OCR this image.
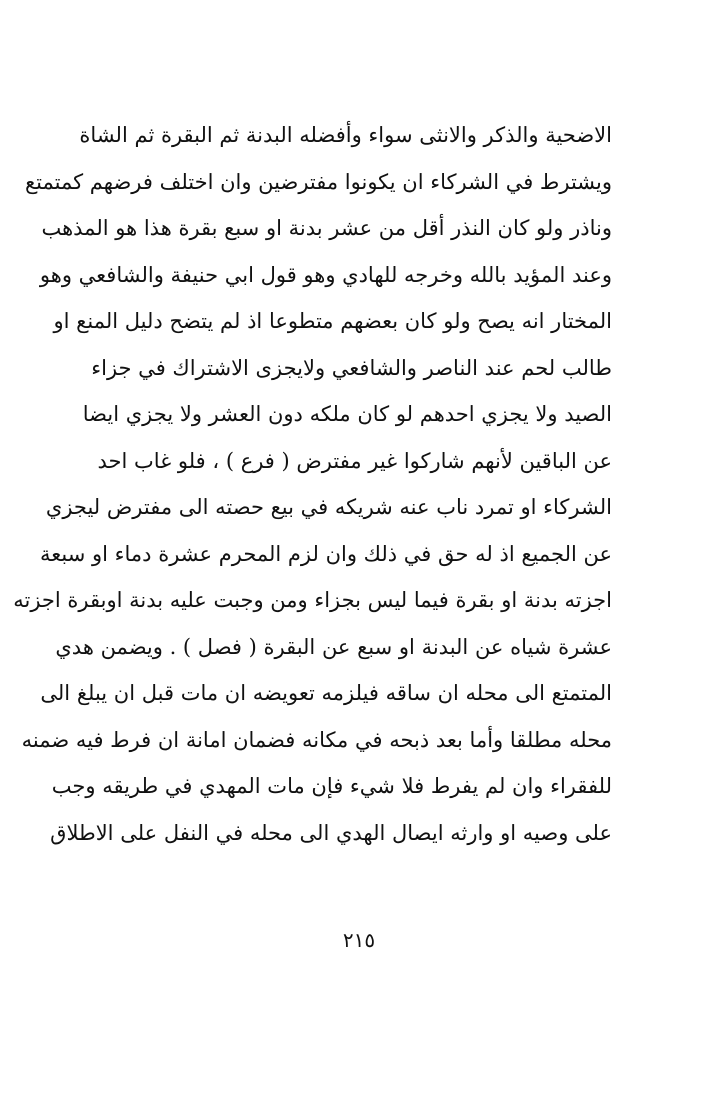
الاضحية والذكر والانثى سواء وأفضله البدنة ثم البقرة ثم الشاة
ويشترط في الشركاء ان يكونوا مفترضين وان اختلف فرضهم كمتمتع
وناذر ولو كان النذر أقل من عشر بدنة او سبع بقرة هذا هو المذهب
وعند المؤيد بالله وخرجه للهادي وهو قول ابي حنيفة والشافعي وهو
المختار انه يصح ولو كان بعضهم متطوعا اذ لم يتضح دليل المنع او
طالب لحم عند الناصر والشافعي ولايجزى الاشتراك في جزاء
الصيد ولا يجزي احدهم لو كان ملكه دون العشر ولا يجزي ايضا
عن الباقين لأنهم شاركوا غير مفترض ( فرع ) ، فلو غاب احد
الشركاء او تمرد ناب عنه شريكه في بيع حصته الى مفترض ليجزي
عن الجميع اذ له حق في ذلك وان لزم المحرم عشرة دماء او سبعة
اجزته بدنة او بقرة فيما ليس بجزاء ومن وجبت عليه بدنة اوبقرة اجزته
عشرة شياه عن البدنة او سبع عن البقرة ( فصل ) . ويضمن هدي
المتمتع الى محله ان ساقه فيلزمه تعويضه ان مات قبل ان يبلغ الى
محله مطلقا وأما بعد ذبحه في مكانه فضمان امانة ان فرط فيه ضمنه
للفقراء وان لم يفرط فلا شيء فإن مات المهدي في طريقه وجب
على وصيه او وارثه ايصال الهدي الى محله في النفل على الاطلاق
٢١٥
